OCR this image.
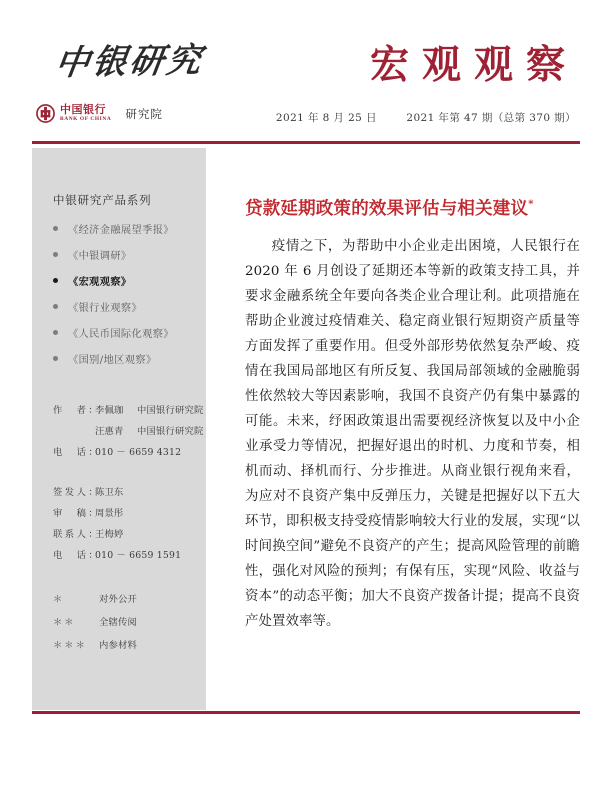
中银研究	宏观观察
中国银行
BANK OF CHINA 研究院	2021 年 8 月 25 日	2021 年第 47 期（总第 370 期）
中银研究产品系列
《经济金融展望季报》
《中银调研》
《宏观观察》
《银行业观察》
《人民币国际化观察》
《国别/地区观察》
作　者：
李佩珈	中国银行研究院
汪惠青	中国银行研究院
电　话：
010 － 6659 4312
签发人：
陈卫东
审　稿：
周景彤
联系人：
王梅婷
电　话：
010 － 6659 1591
＊	对外公开
＊＊	全辖传阅
＊＊＊	内参材料
贷款延期政策的效果评估与相关建议*

疫情之下，为帮助中小企业走出困境，人民银行在 2020 年 6 月创设了延期还本等新的政策支持工具，并要求金融系统全年要向各类企业合理让利。此项措施在帮助企业渡过疫情难关、稳定商业银行短期资产质量等方面发挥了重要作用。但受外部形势依然复杂严峻、疫情在我国局部地区有所反复、我国局部领域的金融脆弱性依然较大等因素影响，我国不良资产仍有集中暴露的可能。未来，纾困政策退出需要视经济恢复以及中小企业承受力等情况，把握好退出的时机、力度和节奏，相机而动、择机而行、分步推进。从商业银行视角来看，为应对不良资产集中反弹压力，关键是把握好以下五大环节，即积极支持受疫情影响较大行业的发展，实现“以时间换空间”避免不良资产的产生；提高风险管理的前瞻性，强化对风险的预判；有保有压，实现“风险、收益与资本”的动态平衡；加大不良资产拨备计提；提高不良资产处置效率等。
